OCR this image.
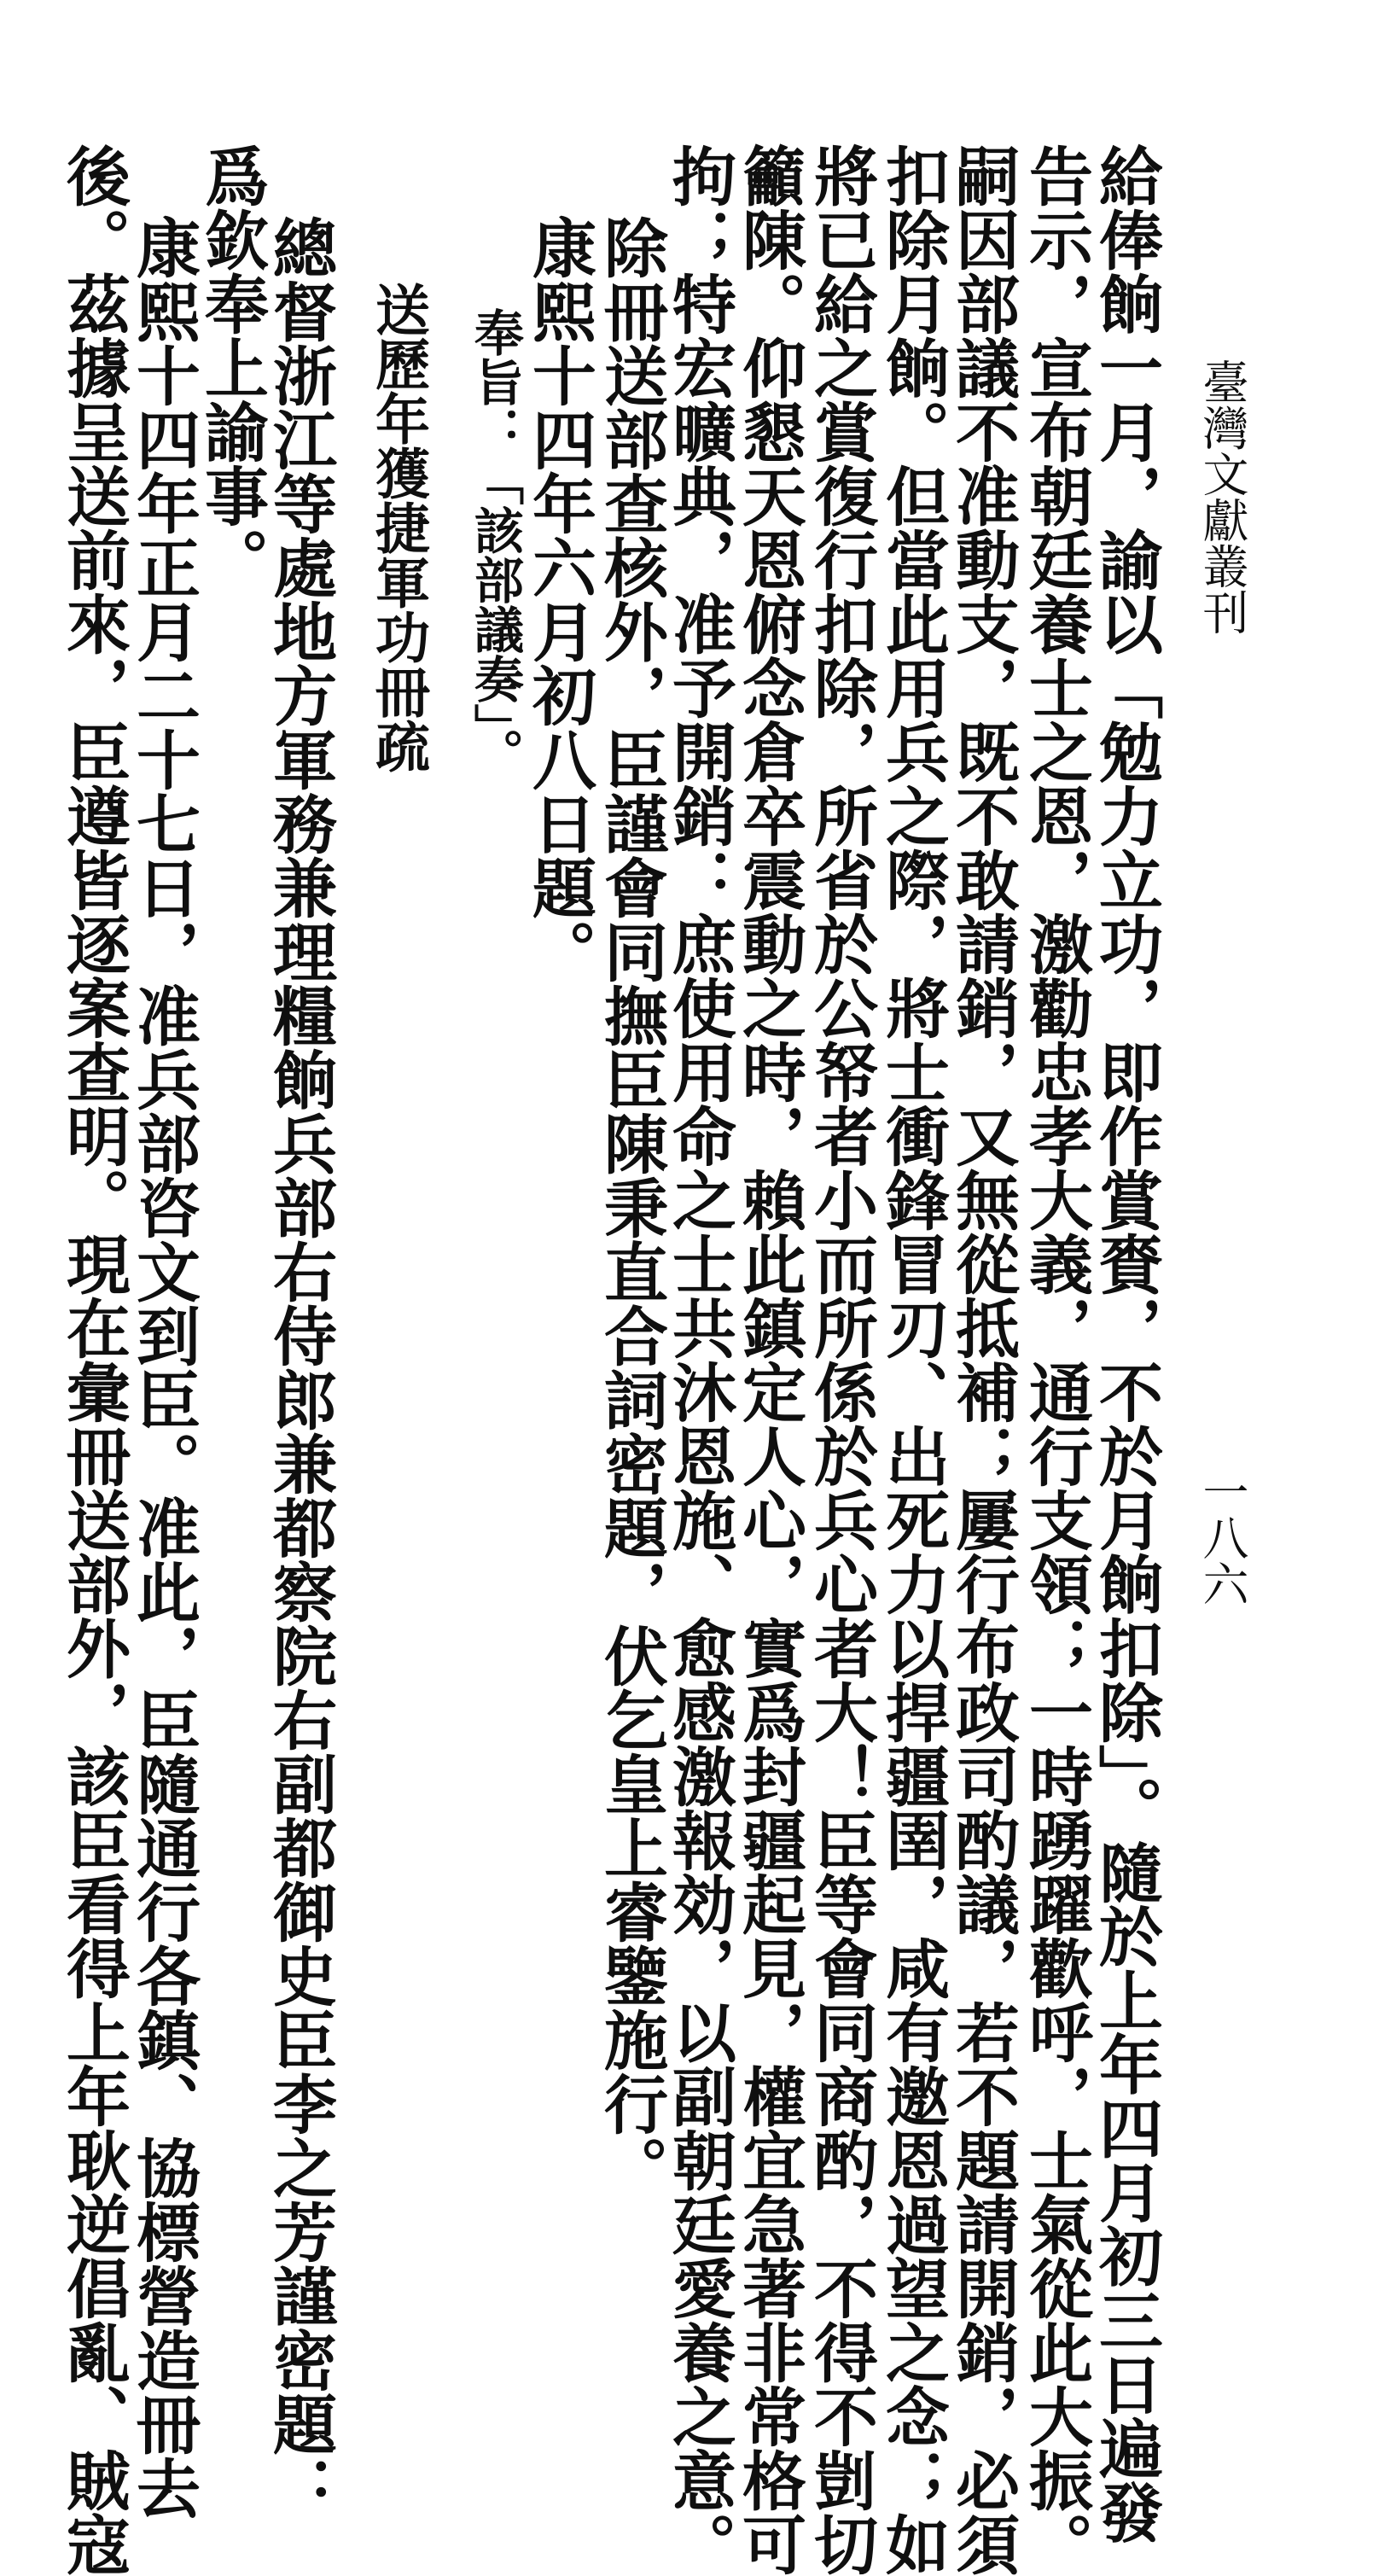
臺灣文獻叢刊
一八六
給俸餉一月，諭以「勉力立功，即作賞賚，不於月餉扣除」。隨於上年四月初三日遍發
告示，宣布朝廷養士之恩，激勸忠孝大義，通行支領；一時踴躍歡呼，士氣從此大振。
嗣因部議不准動支，既不敢請銷，又無從抵補；屢行布政司酌議，若不題請開銷，必須
扣除月餉。但當此用兵之際，將士衝鋒冒刃、出死力以捍疆圉，咸有邀恩過望之念；如
將已給之賞復行扣除，所省於公帑者小而所係於兵心者大！臣等會同商酌，不得不剴切
籲陳。仰懇天恩俯念倉卒震動之時，賴此鎮定人心，實爲封疆起見，權宜急著非常格可
拘；特宏曠典，准予開銷：庶使用命之士共沐恩施、愈感激報効，以副朝廷愛養之意。
除冊送部查核外，臣謹會同撫臣陳秉直合詞密題，伏乞皇上睿鑒施行。
康熙十四年六月初八日題。
奉旨：「該部議奏」。
送歷年獲捷軍功冊疏
總督浙江等處地方軍務兼理糧餉兵部右侍郎兼都察院右副都御史臣李之芳謹密題：
爲欽奉上諭事。
康熙十四年正月二十七日，准兵部咨文到臣。准此，臣隨通行各鎮、協標營造冊去
後。茲據呈送前來，臣遵皆逐案查明。現在彙冊送部外，該臣看得上年耿逆倡亂、賊寇
